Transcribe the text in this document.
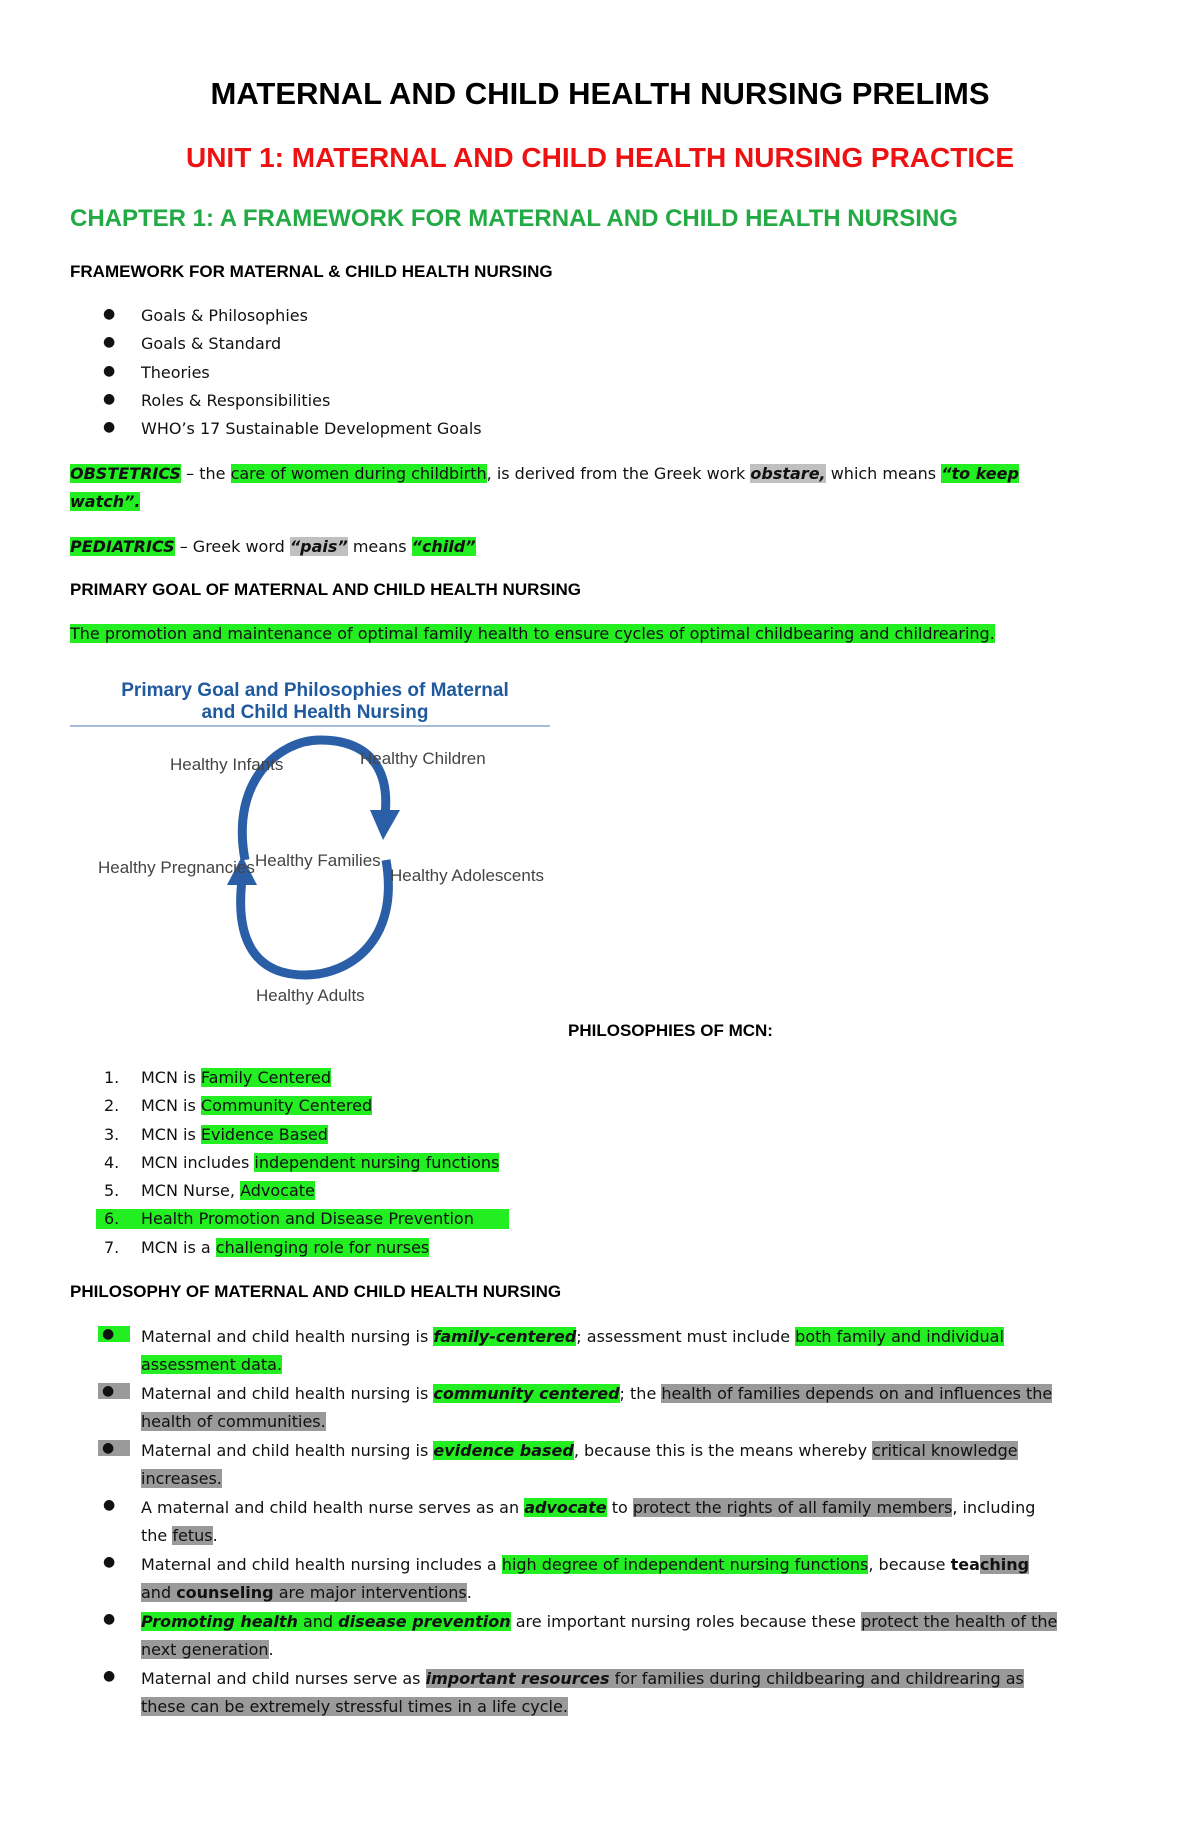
MATERNAL AND CHILD HEALTH NURSING PRELIMS
UNIT 1: MATERNAL AND CHILD HEALTH NURSING PRACTICE
CHAPTER 1: A FRAMEWORK FOR MATERNAL AND CHILD HEALTH NURSING
FRAMEWORK FOR MATERNAL & CHILD HEALTH NURSING
● Goals & Philosophies
● Goals & Standard
● Theories
● Roles & Responsibilities
● WHO’s 17 Sustainable Development Goals
OBSTETRICS – the care of women during childbirth, is derived from the Greek work obstare, which means “to keep
watch”.
PEDIATRICS – Greek word “pais” means “child”
PRIMARY GOAL OF MATERNAL AND CHILD HEALTH NURSING
The promotion and maintenance of optimal family health to ensure cycles of optimal childbearing and childrearing.
Primary Goal and Philosophies of Maternal
and Child Health Nursing
Healthy Infants	Healthy Children
Healthy Pregnancies Healthy Families
Healthy Adolescents
Healthy Adults
PHILOSOPHIES OF MCN:
1. MCN is Family Centered
2. MCN is Community Centered
3. MCN is Evidence Based
4. MCN includes independent nursing functions
5. MCN Nurse, Advocate
6. Health Promotion and Disease Prevention

7. MCN is a challenging role for nurses
PHILOSOPHY OF MATERNAL AND CHILD HEALTH NURSING
●	Maternal and child health nursing is family-centered; assessment must include both family and individual
assessment data.
●	Maternal and child health nursing is community centered; the health of families depends on and influences the
health of communities.
●	Maternal and child health nursing is evidence based, because this is the means whereby critical knowledge
increases.
● A maternal and child health nurse serves as an advocate to protect the rights of all family members, including
the fetus.
● Maternal and child health nursing includes a high degree of independent nursing functions, because teaching
and counseling are major interventions.
● Promoting health and disease prevention are important nursing roles because these protect the health of the
next generation.
● Maternal and child nurses serve as important resources for families during childbearing and childrearing as
these can be extremely stressful times in a life cycle.
